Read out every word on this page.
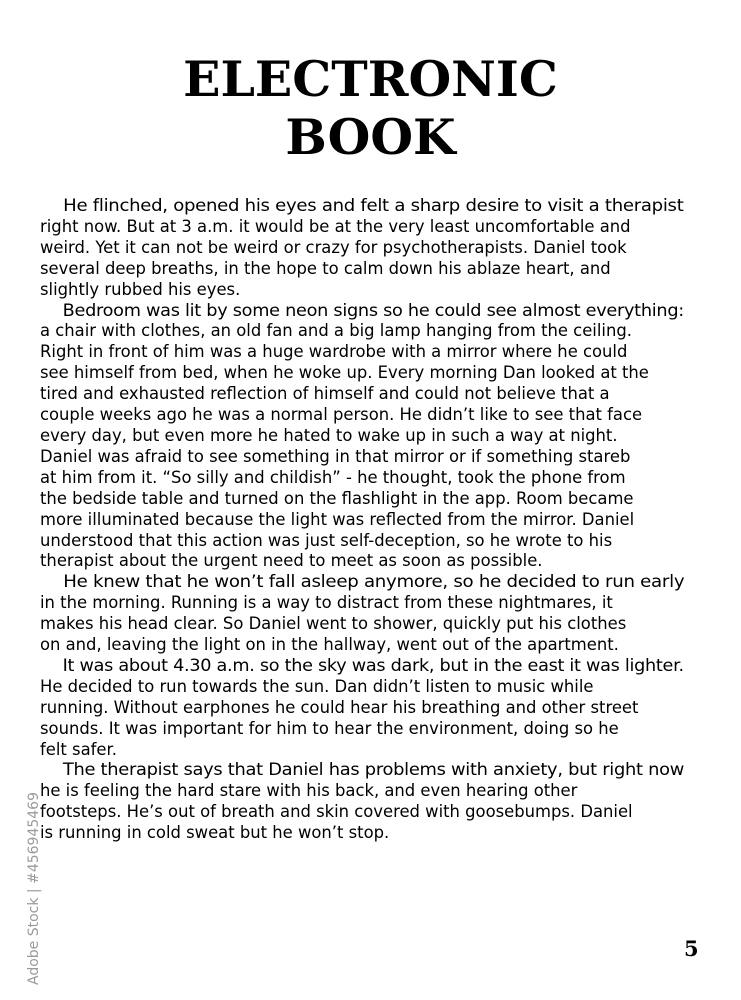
ELECTRONIC
BOOK
He flinched, opened his eyes and felt a sharp desire to visit a therapist
right now. But at 3 a.m. it would be at the very least uncomfortable and
weird. Yet it can not be weird or crazy for psychotherapists. Daniel took
several deep breaths, in the hope to calm down his ablaze heart, and
slightly rubbed his eyes.
Bedroom was lit by some neon signs so he could see almost everything:
a chair with clothes, an old fan and a big lamp hanging from the ceiling.
Right in front of him was a huge wardrobe with a mirror where he could
see himself from bed, when he woke up. Every morning Dan looked at the
tired and exhausted reflection of himself and could not believe that a
couple weeks ago he was a normal person. He didn’t like to see that face
every day, but even more he hated to wake up in such a way at night.
Daniel was afraid to see something in that mirror or if something stareb
at him from it. “So silly and childish” - he thought, took the phone from
the bedside table and turned on the flashlight in the app. Room became
more illuminated because the light was reflected from the mirror. Daniel
understood that this action was just self-deception, so he wrote to his
therapist about the urgent need to meet as soon as possible.
He knew that he won’t fall asleep anymore, so he decided to run early
in the morning. Running is a way to distract from these nightmares, it
makes his head clear. So Daniel went to shower, quickly put his clothes
on and, leaving the light on in the hallway, went out of the apartment.
It was about 4.30 a.m. so the sky was dark, but in the east it was lighter.
He decided to run towards the sun. Dan didn’t listen to music while
running. Without earphones he could hear his breathing and other street
sounds. It was important for him to hear the environment, doing so he
felt safer.
The therapist says that Daniel has problems with anxiety, but right now
he is feeling the hard stare with his back, and even hearing other
footsteps. He’s out of breath and skin covered with goosebumps. Daniel
is running in cold sweat but he won’t stop.
5
Adobe Stock | #456945469
